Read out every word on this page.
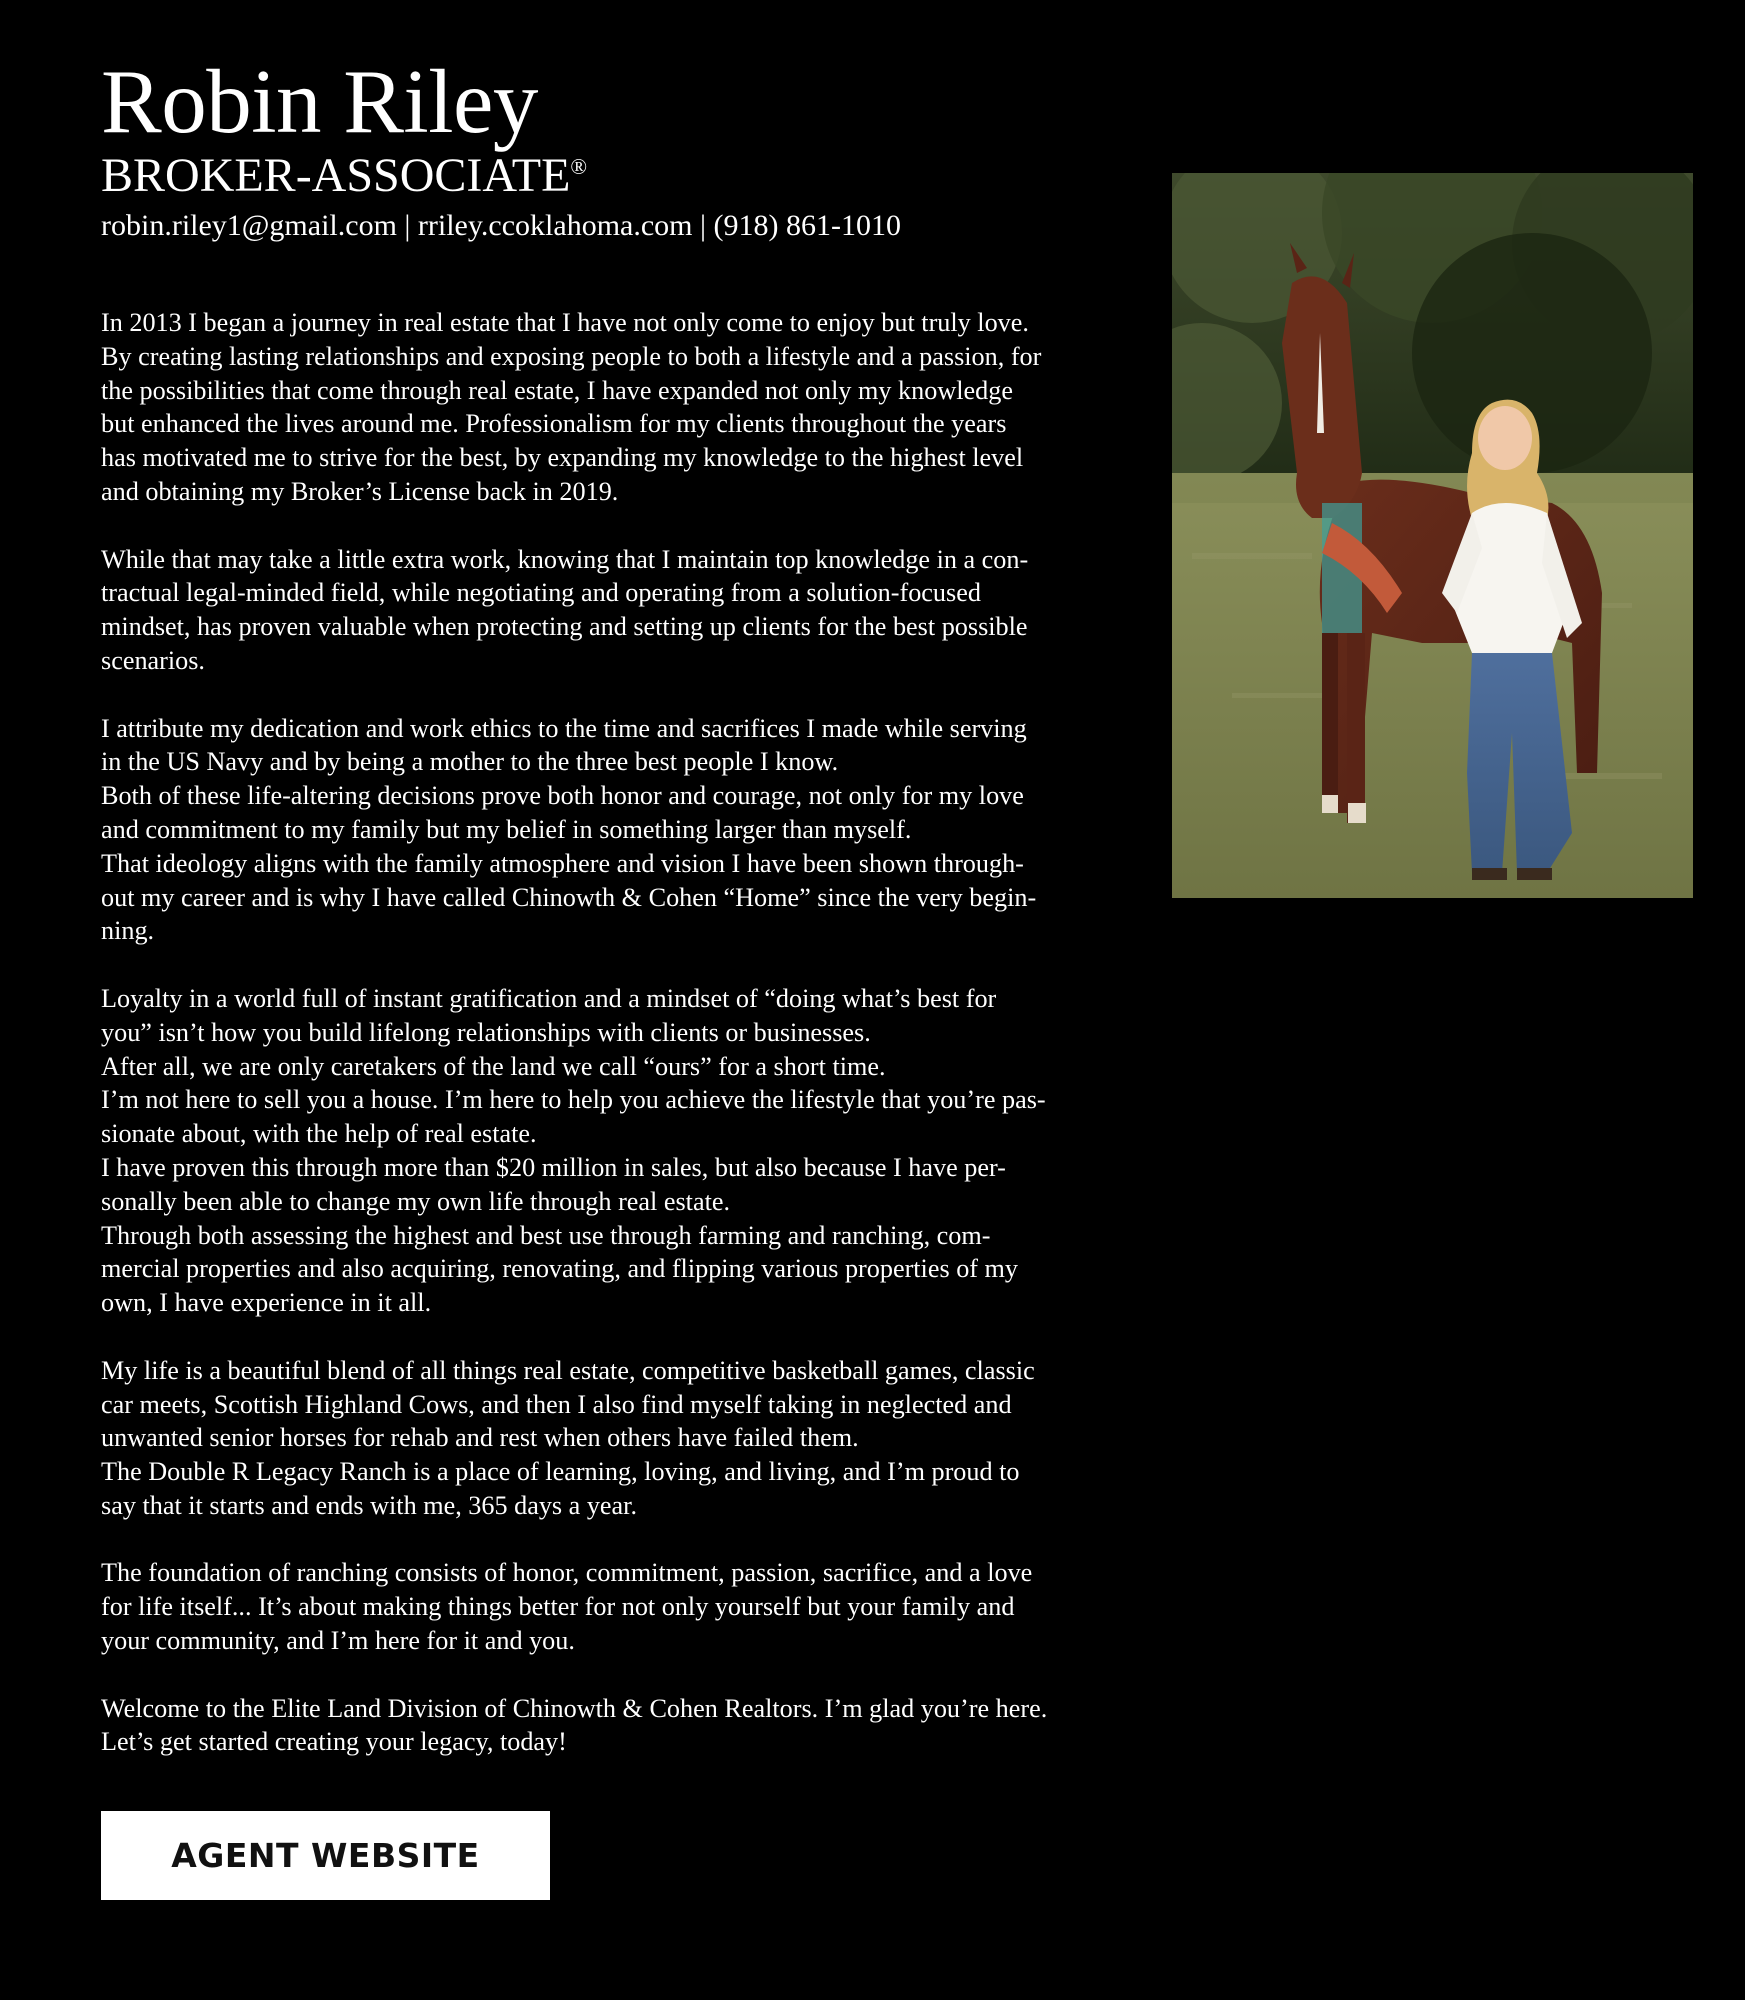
Robin Riley
BROKER-ASSOCIATE®
robin.riley1@gmail.com | rriley.ccoklahoma.com | (918) 861-1010

In 2013 I began a journey in real estate that I have not only come to enjoy but truly love.
By creating lasting relationships and exposing people to both a lifestyle and a passion, for
the possibilities that come through real estate, I have expanded not only my knowledge
but enhanced the lives around me. Professionalism for my clients throughout the years
has motivated me to strive for the best, by expanding my knowledge to the highest level
and obtaining my Broker’s License back in 2019.

While that may take a little extra work, knowing that I maintain top knowledge in a con-
tractual legal-minded field, while negotiating and operating from a solution-focused
mindset, has proven valuable when protecting and setting up clients for the best possible
scenarios.

I attribute my dedication and work ethics to the time and sacrifices I made while serving
in the US Navy and by being a mother to the three best people I know.
Both of these life-altering decisions prove both honor and courage, not only for my love
and commitment to my family but my belief in something larger than myself.
That ideology aligns with the family atmosphere and vision I have been shown through-
out my career and is why I have called Chinowth & Cohen “Home” since the very begin-
ning.

Loyalty in a world full of instant gratification and a mindset of “doing what’s best for
you” isn’t how you build lifelong relationships with clients or businesses.
After all, we are only caretakers of the land we call “ours” for a short time.
I’m not here to sell you a house. I’m here to help you achieve the lifestyle that you’re pas-
sionate about, with the help of real estate.
I have proven this through more than $20 million in sales, but also because I have per-
sonally been able to change my own life through real estate.
Through both assessing the highest and best use through farming and ranching, com-
mercial properties and also acquiring, renovating, and flipping various properties of my
own, I have experience in it all.

My life is a beautiful blend of all things real estate, competitive basketball games, classic
car meets, Scottish Highland Cows, and then I also find myself taking in neglected and
unwanted senior horses for rehab and rest when others have failed them.
The Double R Legacy Ranch is a place of learning, loving, and living, and I’m proud to
say that it starts and ends with me, 365 days a year.

The foundation of ranching consists of honor, commitment, passion, sacrifice, and a love
for life itself... It’s about making things better for not only yourself but your family and
your community, and I’m here for it and you.

Welcome to the Elite Land Division of Chinowth & Cohen Realtors. I’m glad you’re here.
Let’s get started creating your legacy, today!

AGENT WEBSITE
